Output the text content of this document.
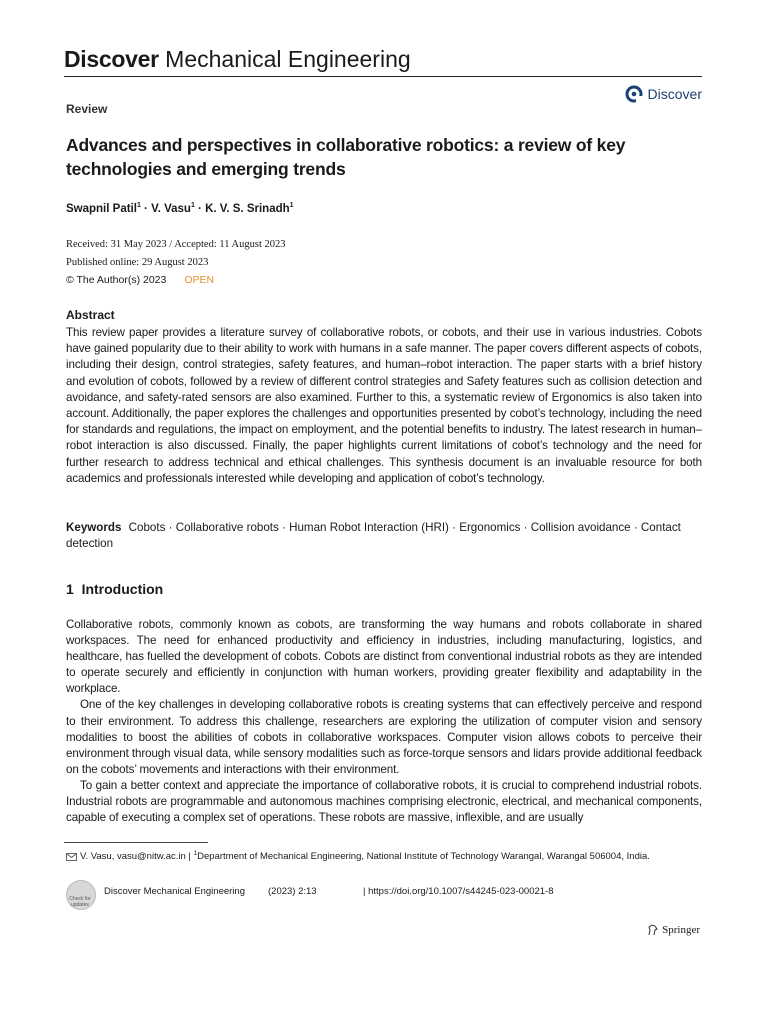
Discover Mechanical Engineering
Review
Discover
Advances and perspectives in collaborative robotics: a review of key technologies and emerging trends
Swapnil Patil$^1$ · V. Vasu$^1$ · K. V. S. Srinadh$^1$
Received: 31 May 2023 / Accepted: 11 August 2023
Published online: 29 August 2023
© The Author(s) 2023 OPEN
Abstract

This review paper provides a literature survey of collaborative robots, or cobots, and their use in various industries. Cobots have gained popularity due to their ability to work with humans in a safe manner. The paper covers different aspects of cobots, including their design, control strategies, safety features, and human–robot interaction. The paper starts with a brief history and evolution of cobots, followed by a review of different control strategies and Safety features such as collision detection and avoidance, and safety-rated sensors are also examined. Further to this, a systematic review of Ergonomics is also taken into account. Additionally, the paper explores the challenges and opportunities presented by cobot’s technology, including the need for standards and regulations, the impact on employment, and the potential benefits to industry. The latest research in human–robot interaction is also discussed. Finally, the paper highlights current limitations of cobot’s technology and the need for further research to address technical and ethical challenges. This synthesis document is an invaluable resource for both academics and professionals interested while developing and application of cobot’s technology.

Keywords Cobots · Collaborative robots · Human Robot Interaction (HRI) · Ergonomics · Collision avoidance · Contact detection

1 Introduction

Collaborative robots, commonly known as cobots, are transforming the way humans and robots collaborate in shared workspaces. The need for enhanced productivity and efficiency in industries, including manufacturing, logistics, and healthcare, has fuelled the development of cobots. Cobots are distinct from conventional industrial robots as they are intended to operate securely and efficiently in conjunction with human workers, providing greater flexibility and adaptability in the workplace.

One of the key challenges in developing collaborative robots is creating systems that can effectively perceive and respond to their environment. To address this challenge, researchers are exploring the utilization of computer vision and sensory modalities to boost the abilities of cobots in collaborative workspaces. Computer vision allows cobots to perceive their environment through visual data, while sensory modalities such as force-torque sensors and lidars provide additional feedback on the cobots’ movements and interactions with their environment.

To gain a better context and appreciate the importance of collaborative robots, it is crucial to comprehend industrial robots. Industrial robots are programmable and autonomous machines comprising electronic, electrical, and mechanical components, capable of executing a complex set of operations. These robots are massive, inflexible, and are usually

V. Vasu, vasu@nitw.ac.in | $^1$Department of Mechanical Engineering, National Institute of Technology Warangal, Warangal 506004, India.
Check for
updates
Discover Mechanical Engineering (2023) 2:13	| https://doi.org/10.1007/s44245-023-00021-8
Springer
